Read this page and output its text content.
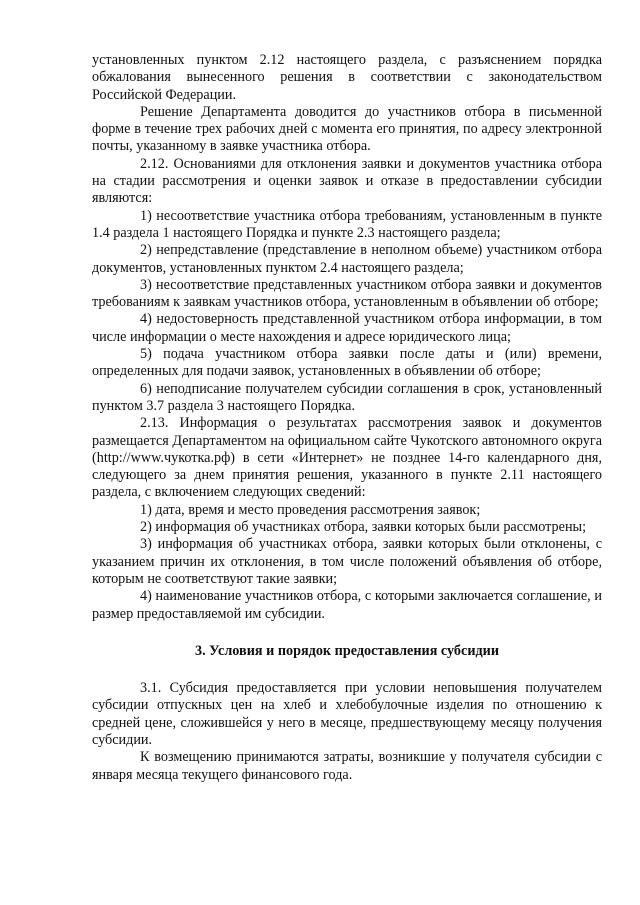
установленных пунктом 2.12 настоящего раздела, с разъяснением порядка обжалования вынесенного решения в соответствии с законодательством Российской Федерации.

Решение Департамента доводится до участников отбора в письменной форме в течение трех рабочих дней с момента его принятия, по адресу электронной почты, указанному в заявке участника отбора.

2.12. Основаниями для отклонения заявки и документов участника отбора на стадии рассмотрения и оценки заявок и отказе в предоставлении субсидии являются:

1) несоответствие участника отбора требованиям, установленным в пункте 1.4 раздела 1 настоящего Порядка и пункте 2.3 настоящего раздела;

2) непредставление (представление в неполном объеме) участником отбора документов, установленных пунктом 2.4 настоящего раздела;

3) несоответствие представленных участником отбора заявки и документов требованиям к заявкам участников отбора, установленным в объявлении об отборе;

4) недостоверность представленной участником отбора информации, в том числе информации о месте нахождения и адресе юридического лица;

5) подача участником отбора заявки после даты и (или) времени, определенных для подачи заявок, установленных в объявлении об отборе;

6) неподписание получателем субсидии соглашения в срок, установленный пунктом 3.7 раздела 3 настоящего Порядка.

2.13. Информация о результатах рассмотрения заявок и документов размещается Департаментом на официальном сайте Чукотского автономного округа (http://www.чукотка.рф) в сети «Интернет» не позднее 14-го календарного дня, следующего за днем принятия решения, указанного в пункте 2.11 настоящего раздела, с включением следующих сведений:

1) дата, время и место проведения рассмотрения заявок;

2) информация об участниках отбора, заявки которых были рассмотрены;

3) информация об участниках отбора, заявки которых были отклонены, с указанием причин их отклонения, в том числе положений объявления об отборе, которым не соответствуют такие заявки;

4) наименование участников отбора, с которыми заключается соглашение, и размер предоставляемой им субсидии.

3. Условия и порядок предоставления субсидии

3.1. Субсидия предоставляется при условии неповышения получателем субсидии отпускных цен на хлеб и хлебобулочные изделия по отношению к средней цене, сложившейся у него в месяце, предшествующему месяцу получения субсидии.

К возмещению принимаются затраты, возникшие у получателя субсидии с января месяца текущего финансового года.
